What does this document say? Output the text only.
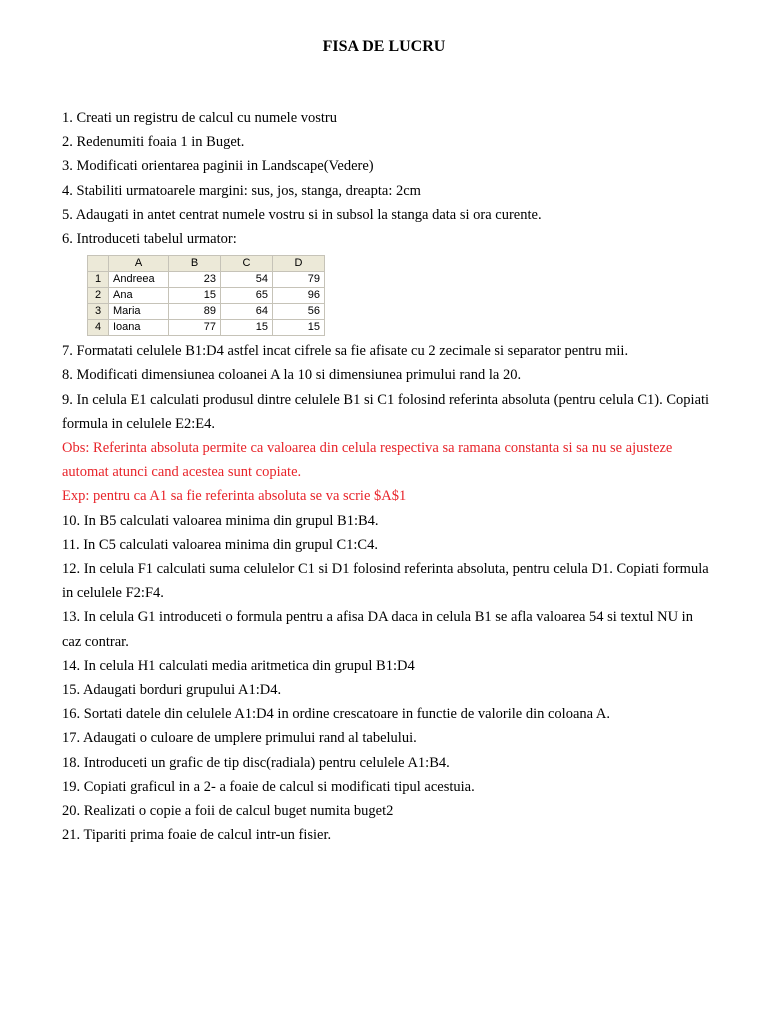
FISA DE LUCRU
1. Creati un registru de calcul cu numele vostru
2. Redenumiti foaia 1 in Buget.
3. Modificati orientarea paginii in Landscape(Vedere)
4. Stabiliti urmatoarele margini: sus, jos, stanga, dreapta: 2cm
5. Adaugati in antet centrat numele vostru si in subsol la stanga data si ora curente.
6. Introduceti tabelul urmator:
	A	B	C	D
1	Andreea	23	54	79
2	Ana	15	65	96
3	Maria	89	64	56
4	Ioana	77	15	15
7. Formatati celulele B1:D4 astfel incat cifrele sa fie afisate cu 2 zecimale si separator pentru mii.
8. Modificati dimensiunea coloanei A la 10 si dimensiunea primului rand la 20.
9. In celula E1 calculati produsul dintre celulele B1 si C1 folosind referinta absoluta (pentru celula C1). Copiati formula in celulele E2:E4.
Obs: Referinta absoluta permite ca valoarea din celula respectiva sa ramana constanta si sa nu se ajusteze automat atunci cand acestea sunt copiate.
Exp: pentru ca A1 sa fie referinta absoluta se va scrie $A$1
10. In B5 calculati valoarea minima din grupul B1:B4.
11. In C5 calculati valoarea minima din grupul C1:C4.
12. In celula F1 calculati suma celulelor C1 si D1 folosind referinta absoluta, pentru celula D1. Copiati formula in celulele F2:F4.
13. In celula G1 introduceti o formula pentru a afisa DA daca in celula B1 se afla valoarea 54 si textul NU in caz contrar.
14. In celula H1 calculati media aritmetica din grupul B1:D4
15. Adaugati borduri grupului A1:D4.
16. Sortati datele din celulele A1:D4 in ordine crescatoare in functie de valorile din coloana A.
17. Adaugati o culoare de umplere primului rand al tabelului.
18. Introduceti un grafic de tip disc(radiala) pentru celulele A1:B4.
19. Copiati graficul in a 2- a foaie de calcul si modificati tipul acestuia.
20. Realizati o copie a foii de calcul buget numita buget2
21. Tipariti prima foaie de calcul intr-un fisier.
